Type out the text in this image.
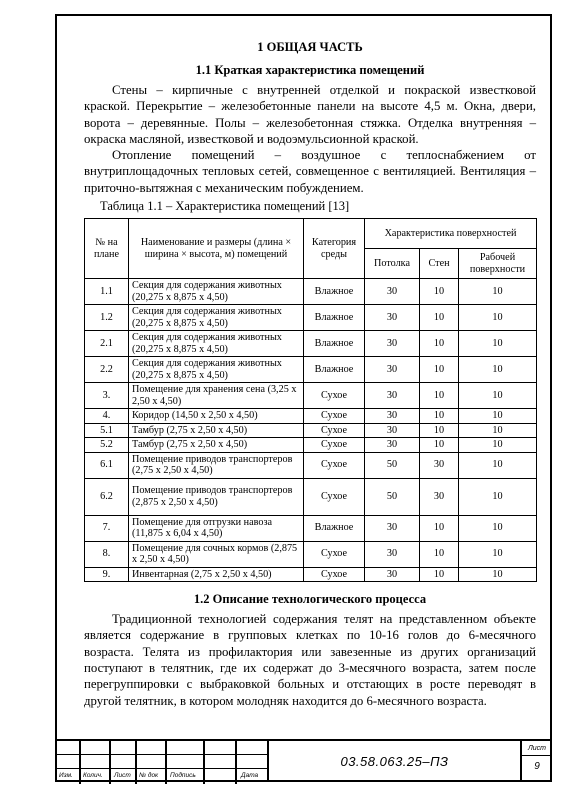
1 ОБЩАЯ ЧАСТЬ
1.1 Краткая характеристика помещений

Стены – кирпичные с внутренней отделкой и покраской известковой краской. Перекрытие – железобетонные панели на высоте 4,5 м. Окна, двери, ворота – деревянные. Полы – железобетонная стяжка. Отделка внутренняя – окраска масляной, известковой и водоэмульсионной краской.

Отопление помещений – воздушное с теплоснабжением от внутриплощадочных тепловых сетей, совмещенное с вентиляцией. Вентиляция – приточно-вытяжная с механическим побуждением.

Таблица 1.1 – Характеристика помещений [13]
№ на плане	Наименование и размеры (длина × ширина × высота, м) помещений	Категория среды	Характеристика поверхностей		
			Потолка	Стен	Рабочей поверхности
1.1	Секция для содержания животных (20,275 х 8,875 х 4,50)	Влажное	30	10	10
1.2	Секция для содержания животных (20,275 х 8,875 х 4,50)	Влажное	30	10	10
2.1	Секция для содержания животных (20,275 х 8,875 х 4,50)	Влажное	30	10	10
2.2	Секция для содержания животных (20,275 х 8,875 х 4,50)	Влажное	30	10	10
3.	Помещение для хранения сена (3,25 х 2,50 х 4,50)	Сухое	30	10	10
4.	Коридор (14,50 х 2,50 х 4,50)	Сухое	30	10	10
5.1	Тамбур (2,75 х 2,50 х 4,50)	Сухое	30	10	10
5.2	Тамбур (2,75 х 2,50 х 4,50)	Сухое	30	10	10
6.1	Помещение приводов транспортеров (2,75 х 2,50 х 4,50)	Сухое	50	30	10
6.2	Помещение приводов транспортеров (2,875 х 2,50 х 4,50)	Сухое	50	30	10
7.	Помещение для отгрузки навоза (11,875 х 6,04 х 4,50)	Влажное	30	10	10
8.	Помещение для сочных кормов (2,875 х 2,50 х 4,50)	Сухое	30	10	10
9.	Инвентарная (2,75 х 2,50 х 4,50)	Сухое	30	10	10
1.2 Описание технологического процесса

Традиционной технологией содержания телят на представленном объекте является содержание в групповых клетках по 10-16 голов до 6-месячного возраста. Телята из профилактория или завезенные из других организаций поступают в телятник, где их содержат до 3-месячного возраста, затем после перегруппировки с выбраковкой больных и отстающих в росте переводят в другой телятник, в котором молодняк находится до 6-месячного возраста.

Изм. Колич. Лист № док Подпись	Дата
03.58.063.25–ПЗ
Лист
9
